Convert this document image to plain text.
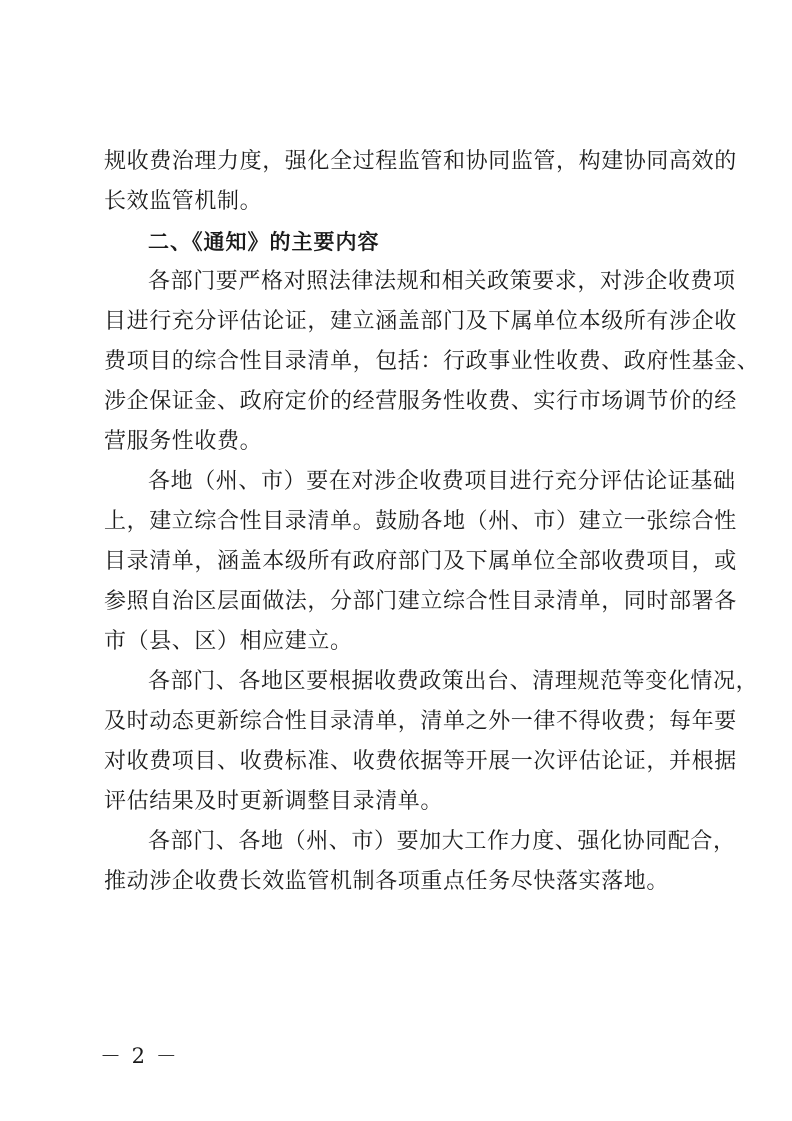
规收费治理力度，强化全过程监管和协同监管，构建协同高效的
长效监管机制。
二、《通知》的主要内容
各部门要严格对照法律法规和相关政策要求，对涉企收费项
目进行充分评估论证，建立涵盖部门及下属单位本级所有涉企收
费项目的综合性目录清单，包括：行政事业性收费、政府性基金、
涉企保证金、政府定价的经营服务性收费、实行市场调节价的经
营服务性收费。
各地（州、市）要在对涉企收费项目进行充分评估论证基础
上，建立综合性目录清单。鼓励各地（州、市）建立一张综合性
目录清单，涵盖本级所有政府部门及下属单位全部收费项目，或
参照自治区层面做法，分部门建立综合性目录清单，同时部署各
市（县、区）相应建立。
各部门、各地区要根据收费政策出台、清理规范等变化情况，
及时动态更新综合性目录清单，清单之外一律不得收费；每年要
对收费项目、收费标准、收费依据等开展一次评估论证，并根据
评估结果及时更新调整目录清单。
各部门、各地（州、市）要加大工作力度、强化协同配合，
推动涉企收费长效监管机制各项重点任务尽快落实落地。
－ 2 －
